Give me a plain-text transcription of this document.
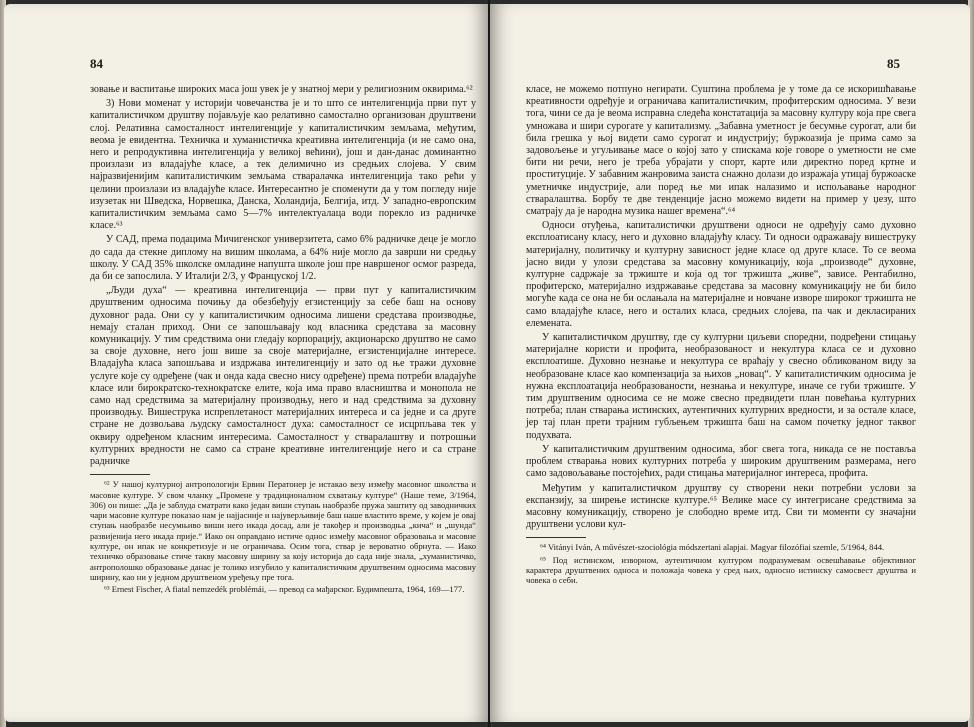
84

зовање и васпитање широких маса још увек је у знатној мери у религиозним оквирима.⁶²

3) Нови моменат у историји човечанства је и то што се интелигенција први пут у капиталистичком друштву појављује као релативно самостално организован друштвени слој. Релативна самосталност интелигенције у капиталистичким земљама, међутим, веома је евидентна. Техничка и хуманистичка креативна интелигенција (и не само она, него и репродуктивна интелигенција у великој већини), још и дан-данас доминантно произлази из владајуће класе, а тек делимично из средњих слојева. У свим најразвијенијим капиталистичким земљама стваралачка интелигенција тако рећи у целини произлази из владајуће класе. Интересантно је споменути да у том погледу није изузетак ни Шведска, Норвешка, Данска, Холандија, Белгија, итд. У западно-европским капиталистичким земљама само 5—7% интелектуалаца води порекло из радничке класе.⁶³

У САД, према подацима Мичигенског универзитета, само 6% радничке деце је могло до сада да стекне диплому на вишим школама, а 64% није могло да заврши ни средњу школу. У САД 35% школске омладине напушта школе још пре навршеног осмог разреда, да би се запослила. У Италији 2/3, у Француској 1/2.

„Људи духа“ — креативна интелигенција — први пут у капиталистичким друштвеним односима почињу да обезбеђују егзистенцију за себе баш на основу духовног рада. Они су у капиталистичким односима лишени средстава производње, немају сталан приход. Они се запошљавају код власника средстава за масовну комуникацију. У тим средствима они гледају корпорацију, акционарско друштво не само за своје духовне, него још више за своје материјалне, егзистенцијалне интересе. Владајућа класа запошљава и издржава интелигенцију и зато од ње тражи духовне услуге које су одређене (чак и онда када свесно нису одређене) према потреби владајуће класе или бирократско-технократске елите, која има право власништва и монопола не само над средствима за материјалну производњу, него и над средствима за духовну производњу. Вишеструка испреплетаност материјалних интереса и са једне и са друге стране не дозвољава људску самосталност духа: самосталност се исцрпљава тек у оквиру одређеном класним интересима. Самосталност у стваралаштву и потрошњи културних вредности не само са стране креативне интелигенције него и са стране радничке

⁶² У нашој културној антропологији Ервин Пеpатонер је истакао везу између масовног школства и масовне културе. У свом чланку „Промене у традиционалном схватању културе“ (Наше теме, 3/1964, 306) он пише: „Да је заблуда сматрати како један виши ступањ наобразбе пружа заштиту од заводничких чари масовне културе показао нам је најјасније и најуверљивије баш наше властито време, у којем је овај ступањ наобразбе несумњиво виши него икада досад, али је такођер и производња „кича“ и „шунда“ развијенија него икада прије.“ Иако он оправдано истиче однос између масовног образовања и масовне културе, он ипак не конкретизује и не ограничава. Осим тога, ствар је вероватно обрнута. — Иако техничко образовање стиче такву масовну ширину за коју историја до сада није знала, „хуманистичко, антрополошко образовање данас је толико изгубило у капиталистичким друштвеним односима масовну ширину, као ни у једном друштвеном уређењу пре тога.

⁶³ Ernest Fischer, A fiatal nemzedék problémái, — превод са мађарског. Будимпешта, 1964, 169—177.

85

класе, не можемо потпуно негирати. Суштина проблема је у томе да се искоришћавање креативности одређује и ограничава капиталистичким, профитерским односима. У вези тога, чини се да је веома исправна следећа констатација за масовну културу која пре свега умножава и шири сурогате у капитализму. „Забавна уметност је бесумње сурогат, али би била грешка у њој видети само сурогат и индустрију; буржоазија је прима само за задовољење и угуљивање масе о којој зато у спискама које говоре о уметности не сме бити ни речи, него је треба убрајати у спорт, карте или директно поред кртне и проституције. У забавним жанровима заиста снажно долази до изражаја утицај буржоаске уметничке индустрије, али поред ње ми ипак налазимо и испољавање народног стваралаштва. Борбу те две тенденције јасно можемо видети на пример у џезу, што сматрају да је народна музика нашег времена“.⁶⁴

Односи отуђења, капиталистички друштвени односи не одређују само духовно експлоатисану класу, него и духовно владајућу класу. Ти односи одражавају вишеструку материјалну, политичку и културну зависност једне класе од друге класе. То се веома јасно види у улози средстава за масовну комуникацију, која „производе“ духовне, културне садржаје за тржиште и која од тог тржишта „живе“, зависе. Рентабилно, профитерско, материјално издржавање средстава за масовну комуникацију не би било могуће када се она не би ослањала на материјалне и новчане изворе широког тржишта не само владајуће класе, него и осталих класа, средњих слојева, па чак и декласираних елемената.

У капиталистичком друштву, где су културни циљеви споредни, подређени стицању материјалне користи и профита, необразованост и некултура класа се и духовно експлоатише. Духовно незнање и некултура се враћају у свесно обликованом виду за необразоване класе као компензација за њихов „новац“. У капиталистичким односима је нужна експлоатација необразованости, незнања и некултуре, иначе се губи тржиште. У тим друштвеним односима се не може свесно предвидети план повећања културних потреба; план стварања истинских, аутентичних културних вредности, и за остале класе, јер тај план прети трајним губљењем тржишта баш на самом почетку једног таквог подухвата.

У капиталистичким друштвеним односима, због свега тога, никада се не поставља проблем стварања нових културних потреба у широким друштвеним размерама, него само задовољавање постојећих, ради стицања материјалног интереса, профита.

Међутим у капиталистичком друштву су створени неки потребни услови за експанзију, за ширење истинске културе.⁶⁵ Велике масе су интегрисане средствима за масовну комуникацију, створено је слободно време итд. Сви ти моменти су значајни друштвени услови кул-

⁶⁴ Vitányi Iván, A művészet-szociológia módszertani alapjai. Magyar filozófiai szemle, 5/1964, 844.

⁶⁵ Под истинском, изворном, аутентичном културом подразумевам освешћавање објективног карактера друштвених односа и положаја човека у сред њих, односно истинску самосвест друштва и човека о себи.
